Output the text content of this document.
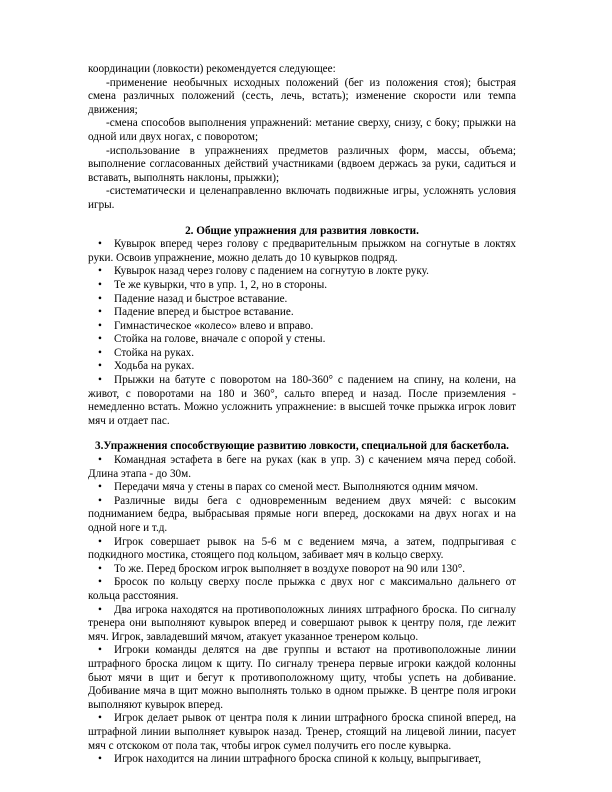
координации (ловкости) рекомендуется следующее:

-применение необычных исходных положений (бег из положения стоя); быстрая смена различных положений (сесть, лечь, встать); изменение скорости или темпа движения;

-смена способов выполнения упражнений: метание сверху, снизу, с боку; прыжки на одной или двух ногах, с поворотом;

-использование в упражнениях предметов различных форм, массы, объема; выполнение согласованных действий участниками (вдвоем держась за руки, садиться и вставать, выполнять наклоны, прыжки);

-систематически и целенаправленно включать подвижные игры, усложнять условия игры.

2. Общие упражнения для развития ловкости.

• Кувырок вперед через голову с предварительным прыжком на согнутые в локтях руки. Освоив упражнение, можно делать до 10 кувырков подряд.
• Кувырок назад через голову с падением на согнутую в локте руку.
• Те же кувырки, что в упр. 1, 2, но в стороны.
• Падение назад и быстрое вставание.
• Падение вперед и быстрое вставание.
• Гимнастическое «колесо» влево и вправо.
• Стойка на голове, вначале с опорой у стены.
• Стойка на руках.
• Ходьба на руках.
• Прыжки на батуте с поворотом на 180-360° с падением на спину, на колени, на живот, с поворотами на 180 и 360°, сальто вперед и назад. После приземления - немедленно встать. Можно усложнить упражнение: в высшей точке прыжка игрок ловит мяч и отдает пас.

3.Упражнения способствующие развитию ловкости, специальной для баскетбола.

• Командная эстафета в беге на руках (как в упр. 3) с качением мяча перед собой. Длина этапа - до 30м.
• Передачи мяча у стены в парах со сменой мест. Выполняются одним мячом.
• Различные виды бега с одновременным ведением двух мячей: с высоким подниманием бедра, выбрасывая прямые ноги вперед, доскоками на двух ногах и на одной ноге и т.д.
• Игрок совершает рывок на 5-6 м с ведением мяча, а затем, подпрыгивая с подкидного мостика, стоящего под кольцом, забивает мяч в кольцо сверху.
• То же. Перед броском игрок выполняет в воздухе поворот на 90 или 130°.
• Бросок по кольцу сверху после прыжка с двух ног с максимально дальнего от кольца расстояния.
• Два игрока находятся на противоположных линиях штрафного броска. По сигналу тренера они выполняют кувырок вперед и совершают рывок к центру поля, где лежит мяч. Игрок, завладевший мячом, атакует указанное тренером кольцо.
• Игроки команды делятся на две группы и встают на противоположные линии штрафного броска лицом к щиту. По сигналу тренера первые игроки каждой колонны бьют мячи в щит и бегут к противоположному щиту, чтобы успеть на добивание. Добивание мяча в щит можно выполнять только в одном прыжке. В центре поля игроки выполняют кувырок вперед.
• Игрок делает рывок от центра поля к линии штрафного броска спиной вперед, на штрафной линии выполняет кувырок назад. Тренер, стоящий на лицевой линии, пасует мяч с отскоком от пола так, чтобы игрок сумел получить его после кувырка.
• Игрок находится на линии штрафного броска спиной к кольцу, выпрыгивает,
